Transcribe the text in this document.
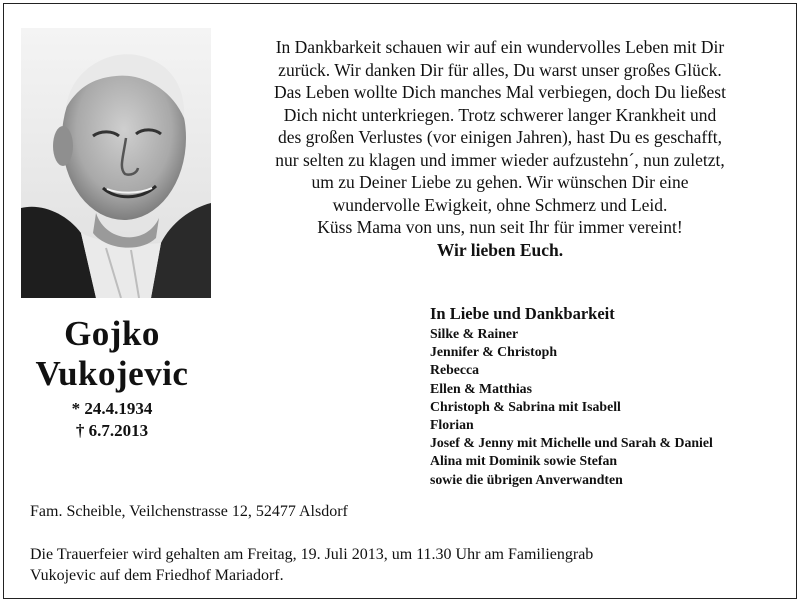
In Dankbarkeit schauen wir auf ein wundervolles Leben mit Dir
zurück. Wir danken Dir für alles, Du warst unser großes Glück.
Das Leben wollte Dich manches Mal verbiegen, doch Du ließest
Dich nicht unterkriegen. Trotz schwerer langer Krankheit und
des großen Verlustes (vor einigen Jahren), hast Du es geschafft,
nur selten zu klagen und immer wieder aufzustehn´, nun zuletzt,
um zu Deiner Liebe zu gehen. Wir wünschen Dir eine
wundervolle Ewigkeit, ohne Schmerz und Leid.
Küss Mama von uns, nun seit Ihr für immer vereint!
Wir lieben Euch.
Gojko
Vukojevic
* 24.4.1934
† 6.7.2013
In Liebe und Dankbarkeit
Silke & Rainer
Jennifer & Christoph
Rebecca
Ellen & Matthias
Christoph & Sabrina mit Isabell
Florian
Josef & Jenny mit Michelle und Sarah & Daniel
Alina mit Dominik sowie Stefan
sowie die übrigen Anverwandten
Fam. Scheible, Veilchenstrasse 12, 52477 Alsdorf
Die Trauerfeier wird gehalten am Freitag, 19. Juli 2013, um 11.30 Uhr am Familiengrab
Vukojevic auf dem Friedhof Mariadorf.
